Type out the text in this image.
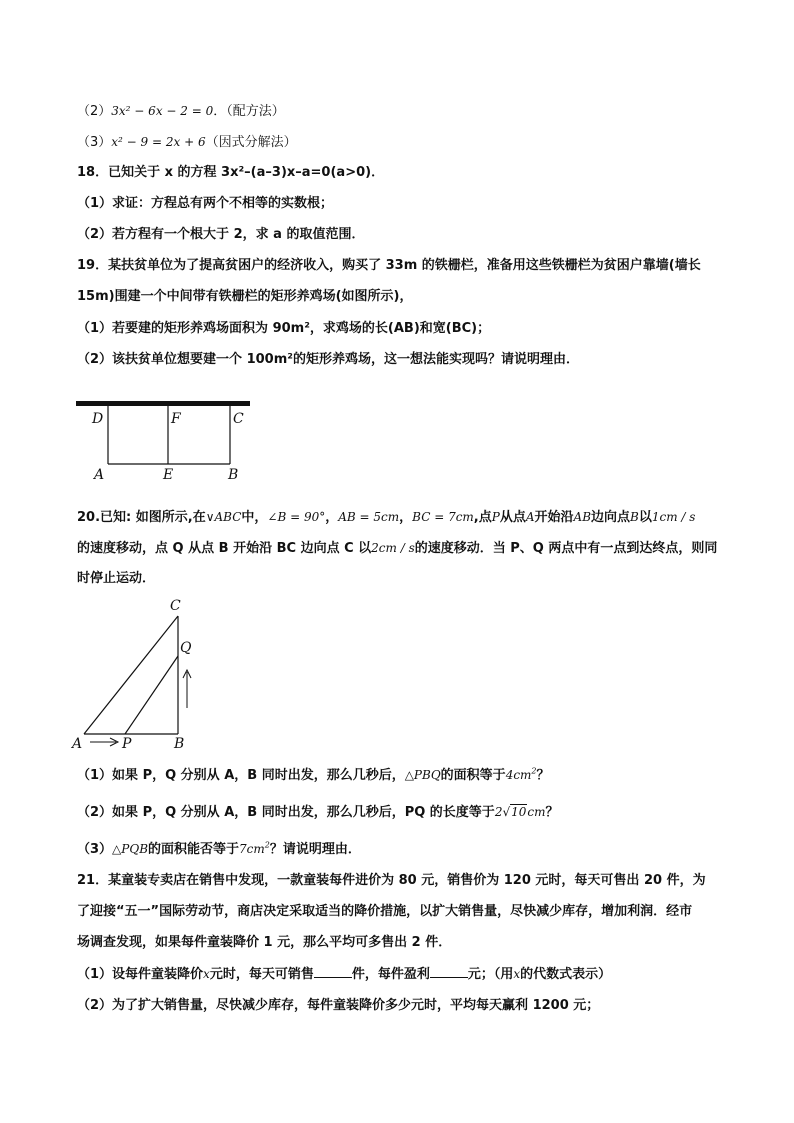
（2）3x² − 6x − 2 = 0．（配方法）
（3）x² − 9 = 2x + 6（因式分解法）
18．已知关于 x 的方程 3x²–(a–3)x–a=0(a>0)．
（1）求证：方程总有两个不相等的实数根；
（2）若方程有一个根大于 2，求 a 的取值范围．
19．某扶贫单位为了提高贫困户的经济收入，购买了 33m 的铁栅栏，准备用这些铁栅栏为贫困户靠墙(墙长
15m)围建一个中间带有铁栅栏的矩形养鸡场(如图所示)，
（1）若要建的矩形养鸡场面积为 90m²，求鸡场的长(AB)和宽(BC)；
（2）该扶贫单位想要建一个 100m²的矩形养鸡场，这一想法能实现吗？请说明理由．
D	F	C
A	E	B
20.已知: 如图所示,在∨ABC中，∠B = 90°，AB = 5cm，BC = 7cm,点P从点A开始沿AB边向点B以1cm / s
的速度移动，点 Q 从点 B 开始沿 BC 边向点 C 以2cm / s的速度移动．当 P、Q 两点中有一点到达终点，则同
时停止运动．
C
Q
A	P	B
（1）如果 P，Q 分别从 A，B 同时出发，那么几秒后，△PBQ的面积等于$4cm^2$？
（2）如果 P，Q 分别从 A，B 同时出发，那么几秒后，PQ 的长度等于2√10cm？
（3）△PQB的面积能否等于$7cm^2$？请说明理由．
21．某童装专卖店在销售中发现，一款童装每件进价为 80 元，销售价为 120 元时，每天可售出 20 件，为
了迎接“五一”国际劳动节，商店决定采取适当的降价措施，以扩大销售量，尽快减少库存，增加利润．经市
场调查发现，如果每件童装降价 1 元，那么平均可多售出 2 件．
（1）设每件童装降价x元时，每天可销售	件，每件盈利	元；（用x的代数式表示）
（2）为了扩大销售量，尽快减少库存，每件童装降价多少元时，平均每天赢利 1200 元；
